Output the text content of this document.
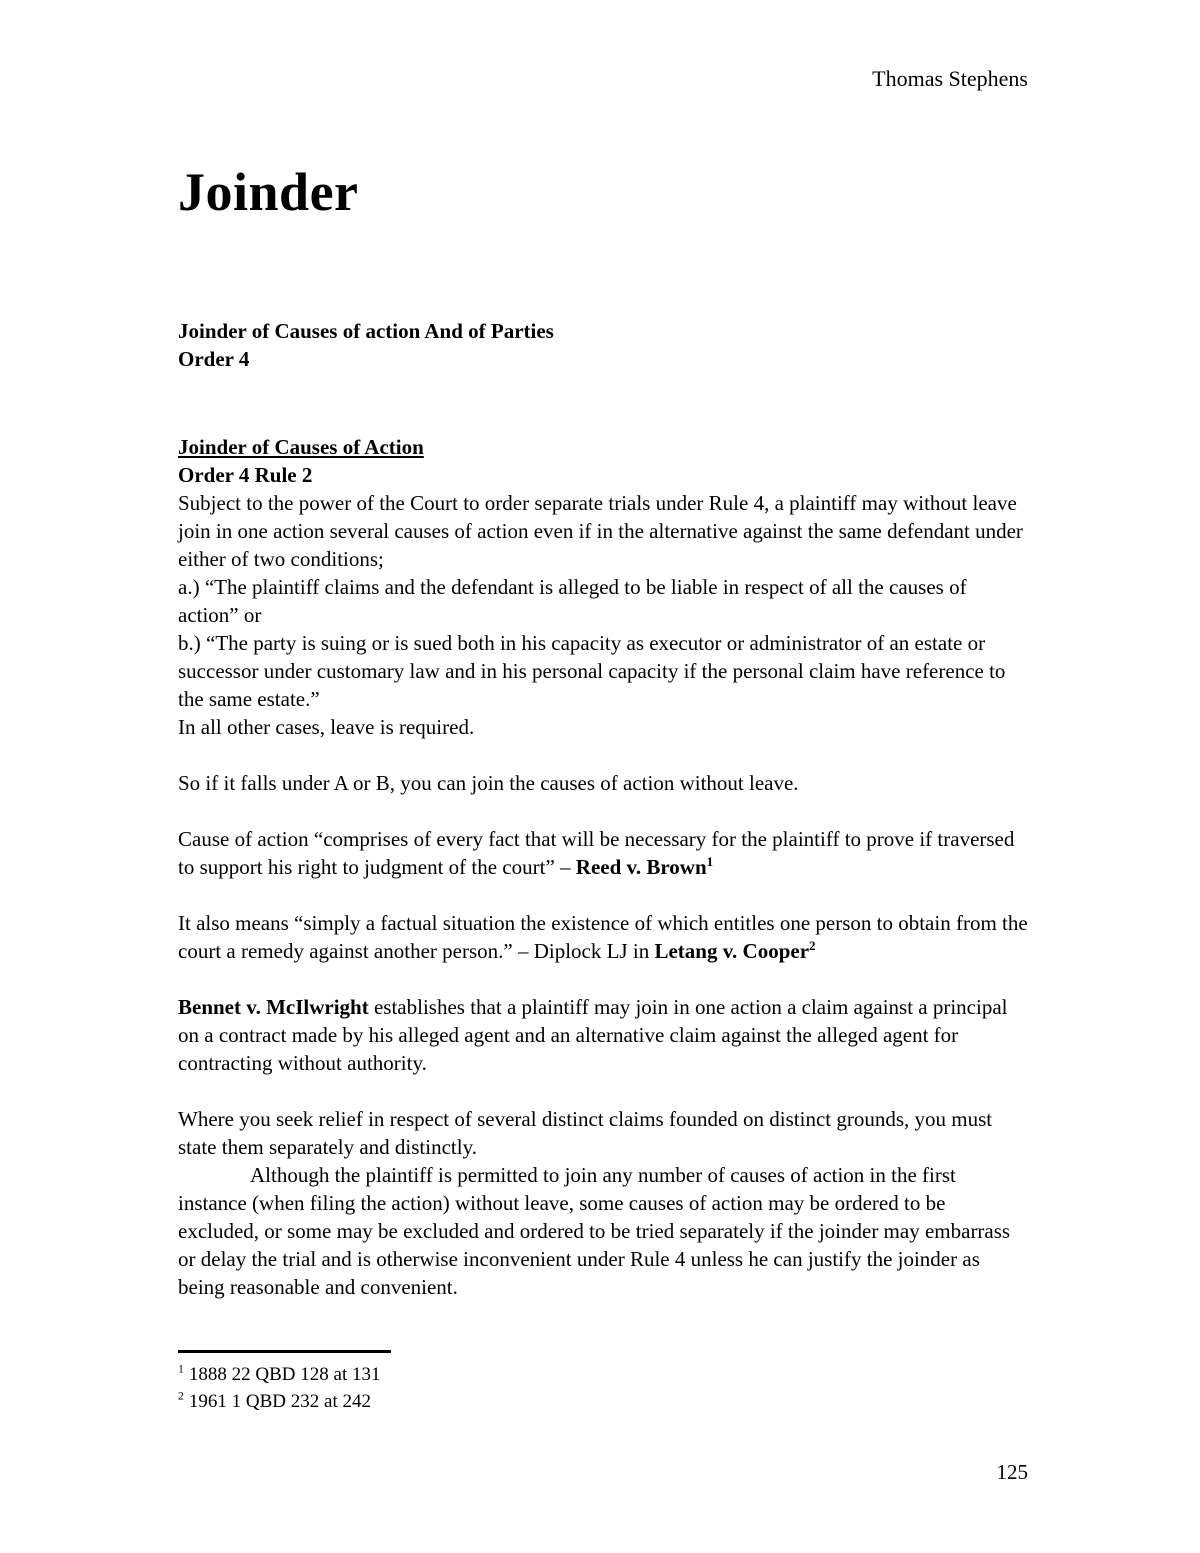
Thomas Stephens
Joinder
Joinder of Causes of action And of Parties
Order 4
Joinder of Causes of Action
Order 4 Rule 2
Subject to the power of the Court to order separate trials under Rule 4, a plaintiff may without leave join in one action several causes of action even if in the alternative against the same defendant under either of two conditions;
a.) “The plaintiff claims and the defendant is alleged to be liable in respect of all the causes of action” or
b.) “The party is suing or is sued both in his capacity as executor or administrator of an estate or successor under customary law and in his personal capacity if the personal claim have reference to the same estate.”
In all other cases, leave is required.
So if it falls under A or B, you can join the causes of action without leave.
Cause of action “comprises of every fact that will be necessary for the plaintiff to prove if traversed to support his right to judgment of the court” – Reed v. Brown$^1$
It also means “simply a factual situation the existence of which entitles one person to obtain from the court a remedy against another person.” – Diplock LJ in Letang v. Cooper$^2$
Bennet v. McIlwright establishes that a plaintiff may join in one action a claim against a principal on a contract made by his alleged agent and an alternative claim against the alleged agent for contracting without authority.
Where you seek relief in respect of several distinct claims founded on distinct grounds, you must state them separately and distinctly.
Although the plaintiff is permitted to join any number of causes of action in the first instance (when filing the action) without leave, some causes of action may be ordered to be excluded, or some may be excluded and ordered to be tried separately if the joinder may embarrass or delay the trial and is otherwise inconvenient under Rule 4 unless he can justify the joinder as being reasonable and convenient.
$^1$ 1888 22 QBD 128 at 131
$^2$ 1961 1 QBD 232 at 242
125
